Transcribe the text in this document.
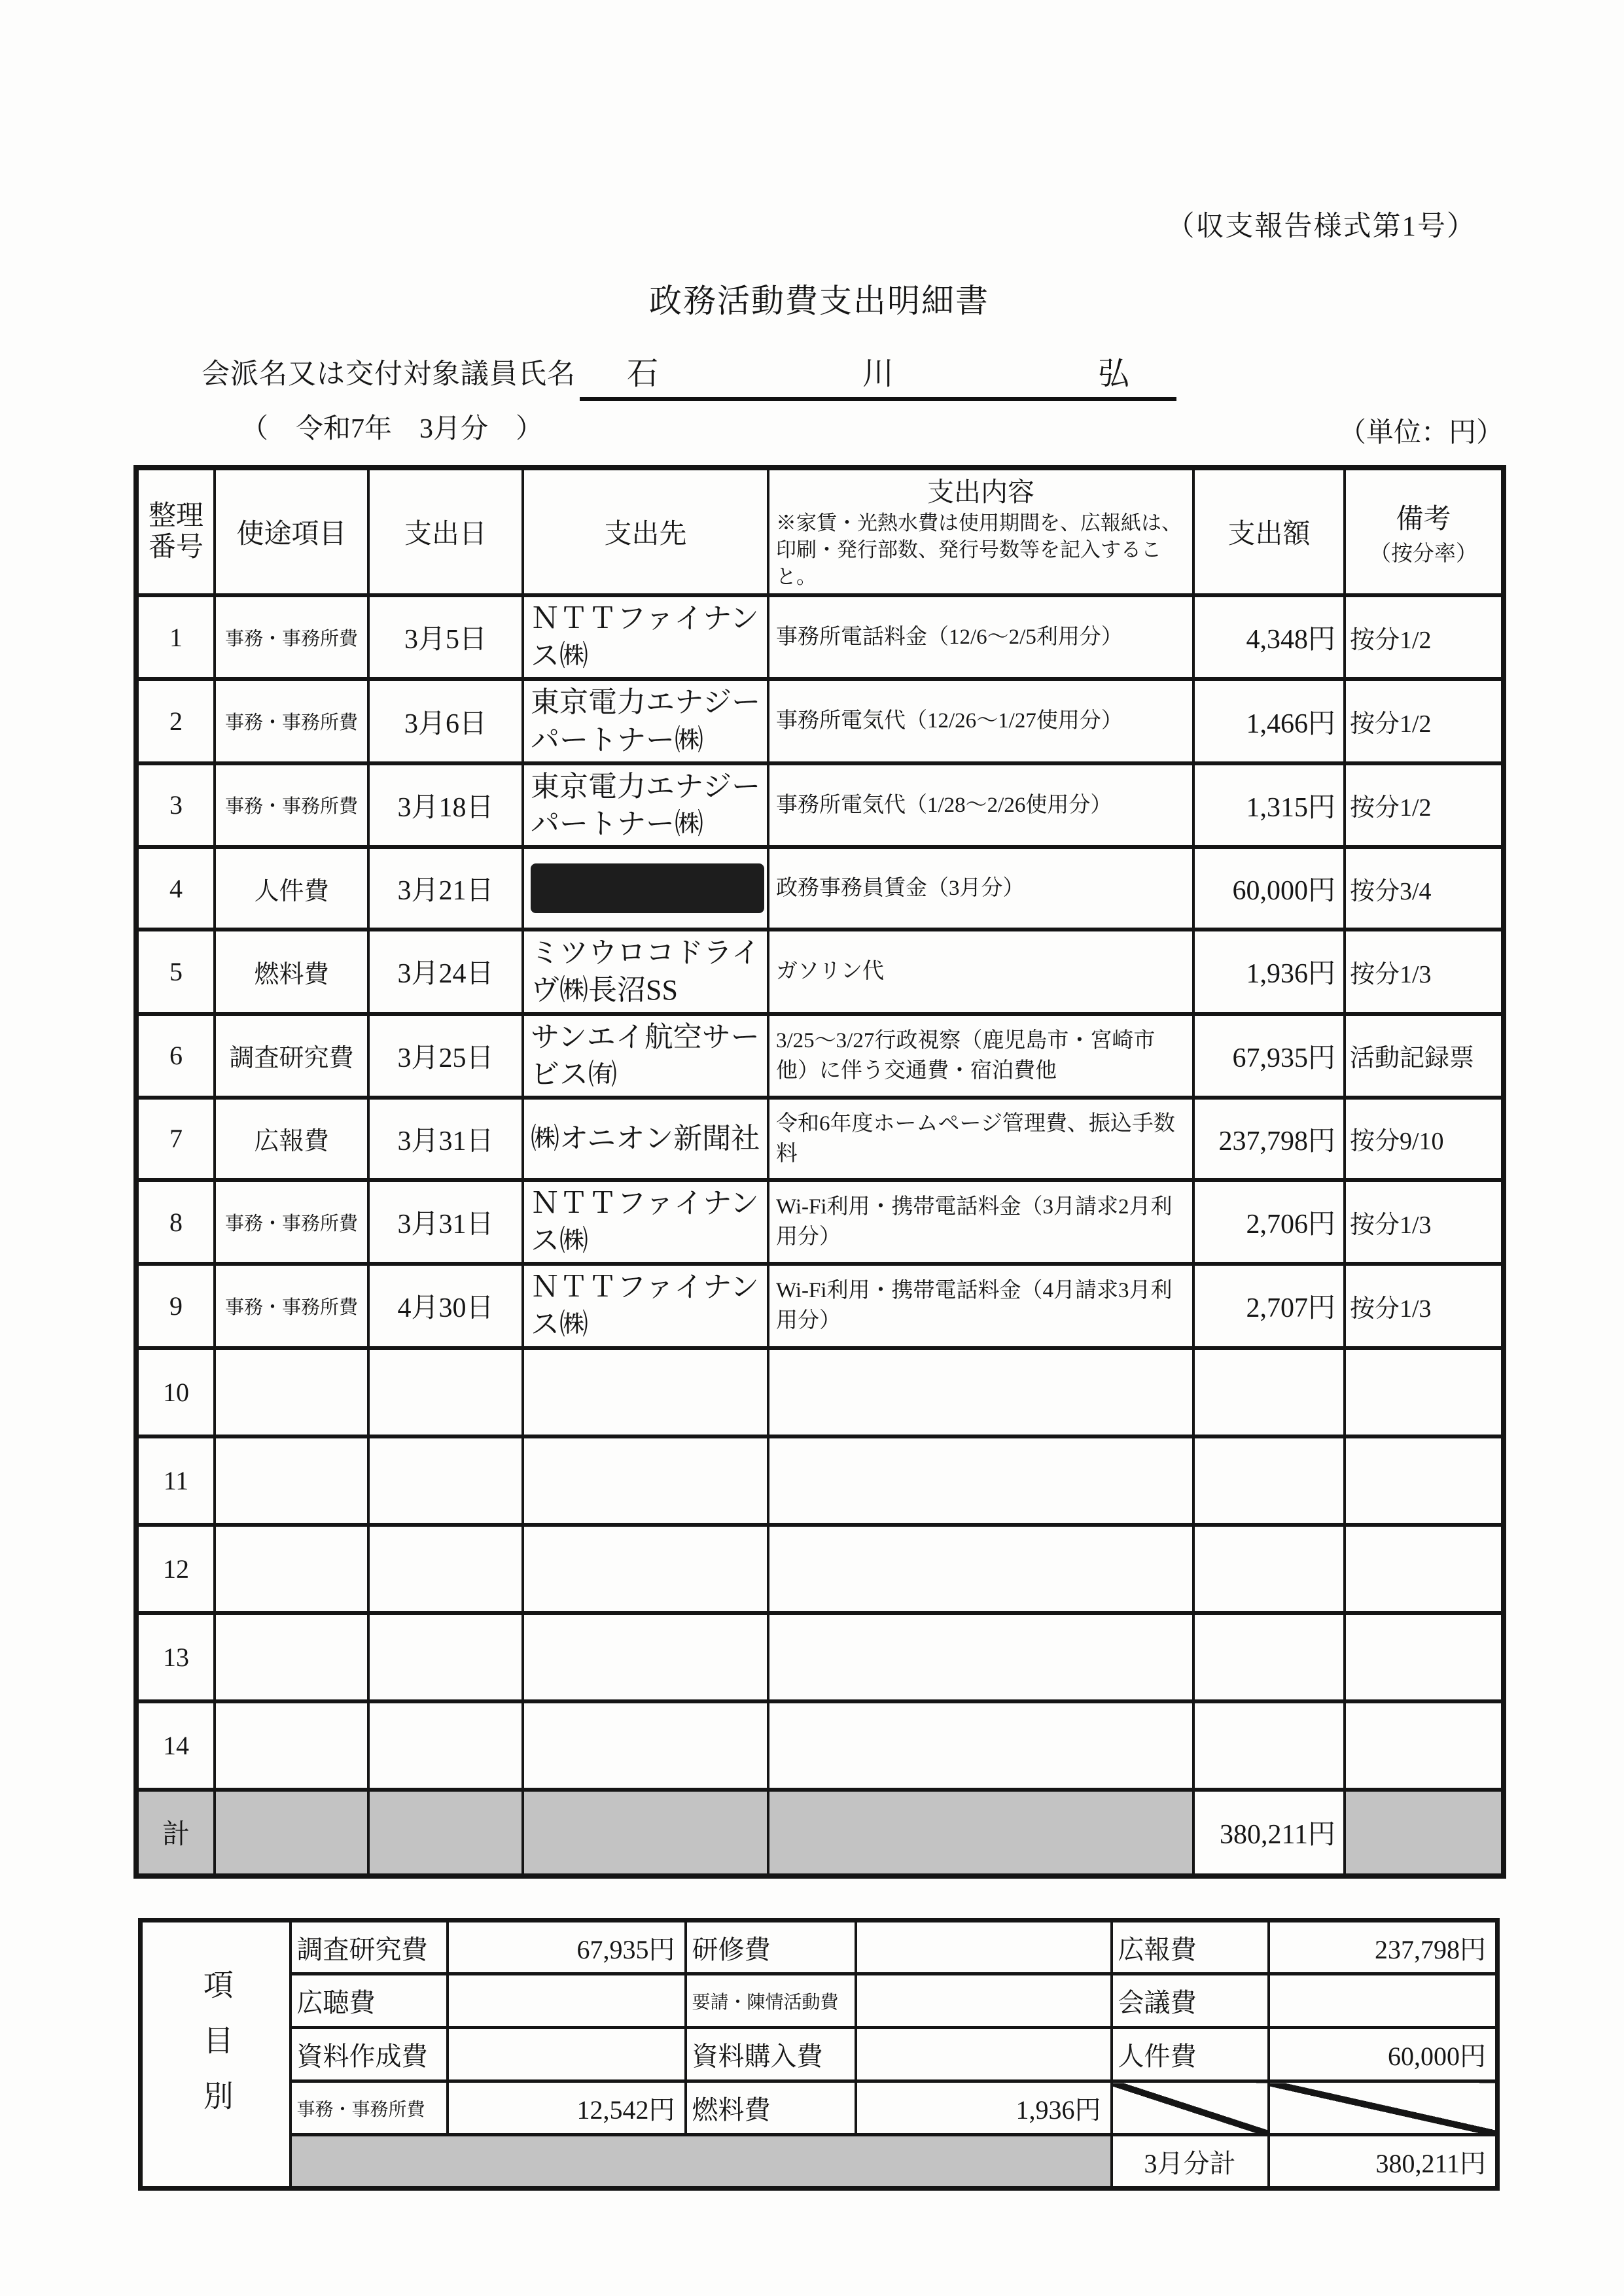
（収支報告様式第1号）
政務活動費支出明細書
会派名又は交付対象議員氏名 石	川	弘
（　令和7年　3月分　）	（単位：円）
整理
番号	使途項目	支出日	支出先	
支出内容
※家賃・光熱水費は使用期間を、広報紙は、印刷・発行部数、発行号数等を記入すること。
	支出額	備考
（按分率）

1	事務・事務所費	3月5日	ＮＴＴファイナンス㈱	事務所電話料金（12/6～2/5利用分）	4,348円	按分1/2
2	事務・事務所費	3月6日	東京電力エナジーパートナー㈱	事務所電気代（12/26～1/27使用分）	1,466円	按分1/2
3	事務・事務所費	3月18日	東京電力エナジーパートナー㈱	事務所電気代（1/28～2/26使用分）	1,315円	按分1/2
4	人件費	3月21日		政務事務員賃金（3月分）	60,000円	按分3/4
5	燃料費	3月24日	ミツウロコドライヴ㈱長沼SS	ガソリン代	1,936円	按分1/3
6	調査研究費	3月25日	サンエイ航空サービス㈲	3/25～3/27行政視察（鹿児島市・宮崎市他）に伴う交通費・宿泊費他	67,935円	活動記録票
7	広報費	3月31日	㈱オニオン新聞社	令和6年度ホームページ管理費、振込手数料	237,798円	按分9/10
8	事務・事務所費	3月31日	ＮＴＴファイナンス㈱	Wi-Fi利用・携帯電話料金（3月請求2月利用分）	2,706円	按分1/3
9	事務・事務所費	4月30日	ＮＴＴファイナンス㈱	Wi-Fi利用・携帯電話料金（4月請求3月利用分）	2,707円	按分1/3
10						
11						
12						
13						
14						
計					380,211円	
項目別	調査研究費	67,935円	研修費		広報費	237,798円
	広聴費		要請・陳情活動費		会議費	
	資料作成費		資料購入費		人件費	60,000円
	事務・事務所費	12,542円	燃料費	1,936円		
					3月分計	380,211円
